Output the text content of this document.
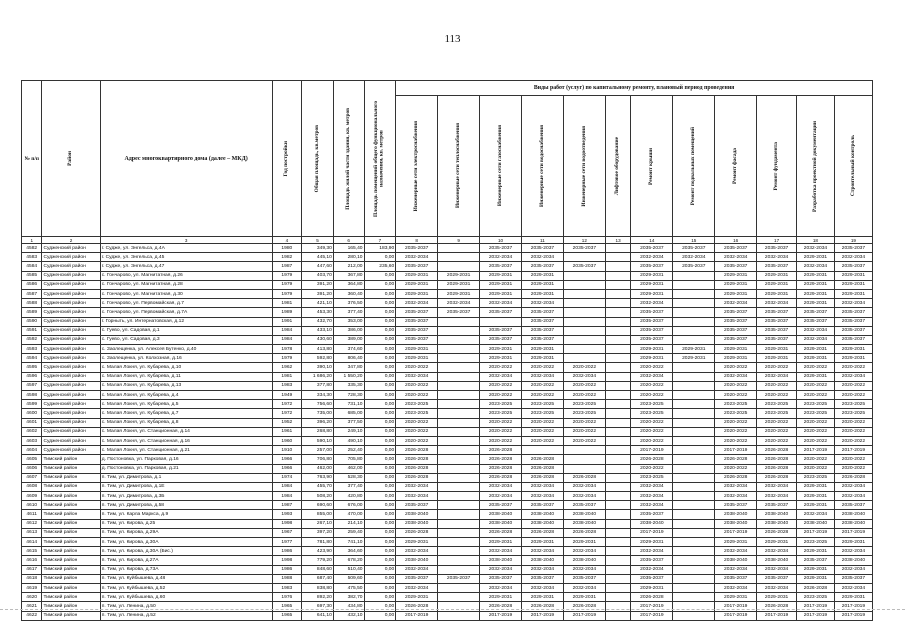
113
№ п/п	Район	Адрес многоквартирного дома (далее – МКД)	Год постройки	Общая площадь, кв.метров	Площадь жилой части здания, кв. метров	Площадь помещений общего функционального назначения, кв. метров	Виды работ (услуг) по капитальному ремонту, плановый период проведения											

							Инженерные сети электроснабжения	Инженерные сети теплоснабжения	Инженерные сети газоснабжения	Инженерные сети водоснабжения	Инженерные сети водоотведения	Лифтовое оборудование	Ремонт крыши	Ремонт подвальных помещений	Ремонт фасада	Ремонт фундамента	Разработка проектной документации	Строительный контроль

1	2	3	4	5	6	7	8	9	10	11	12	13	14	15	16	17	18	19
4582	Судженский район	г. Судже, ул. Энгельса, д.4А	1980	349,30	165,40	183,90	2035-2037		2035-2037	2035-2037	2035-2037		2035-2037	2035-2037	2035-2037	2035-2037	2032-2034	2035-2037
4583	Судженский район	г. Судже, ул. Энгельса, д.45	1982	445,10	280,10	0,00	2032-2034		2032-2034	2032-2034			2032-2034	2032-2034	2032-2034	2032-2034	2029-2031	2032-2034
4584	Судженский район	г. Судже, ул. Энгельса, д.47	1987	447,60	212,00	235,60	2035-2037		2035-2037	2035-2037	2035-2037		2035-2037	2035-2037	2035-2037	2035-2037	2032-2034	2035-2037
4585	Судженский район	с. Гончарово, ул. Магнитатная, д.26	1979	403,70	367,80	0,00	2029-2031	2029-2031	2029-2031	2029-2031			2029-2031		2029-2031	2029-2031	2029-2031	2029-2031
4586	Судженский район	с. Гончарово, ул. Магнитатная, д.28	1979	391,20	364,80	0,00	2029-2031	2029-2031	2029-2031	2029-2031			2029-2031		2029-2031	2029-2031	2029-2031	2029-2031
4587	Судженский район	с. Гончарово, ул. Магнитатная, д.30	1979	391,20	360,40	0,00	2029-2031	2029-2031	2029-2031	2029-2031			2029-2031		2029-2031	2029-2031	2029-2031	2029-2031
4588	Судженский район	с. Гончарово, ул. Первомайская, д.7	1981	421,10	376,50	0,00	2032-2034	2032-2034	2032-2034	2032-2034			2032-2034		2032-2034	2032-2034	2029-2031	2032-2034
4589	Судженский район	с. Гончарово, ул. Первомайская, д.7А	1989	453,30	377,40	0,00	2035-2037	2035-2037	2035-2037	2035-2037			2035-2037		2035-2037	2035-2037	2035-2037	2035-2037
4590	Судженский район	г. Горныть, ул. Интернатовская, д.12	1991	432,70	353,00	0,00	2035-2037			2035-2037			2035-2037		2035-2037	2035-2037	2035-2037	2035-2037
4591	Судженский район	с. Гуево, ул. Садовая, д.1	1984	433,10	386,00	0,00	2035-2037		2035-2037	2035-2037			2035-2037		2035-2037	2035-2037	2032-2034	2035-2037
4592	Судженский район	с. Гуево, ул. Садовая, д.3	1984	430,60	389,00	0,00	2035-2037		2035-2037	2035-2037			2035-2037		2035-2037	2035-2037	2032-2034	2035-2037
4593	Судженский район	с. Заолещенка, ул. Алексея Бутенко, д.40	1978	413,80	374,60	0,00	2029-2031		2029-2031	2029-2031			2029-2031	2029-2031	2029-2031	2029-2031	2029-2031	2029-2031
4594	Судженский район	с. Заолещенка, ул. Колхозная, д.16	1979	592,80	806,40	0,00	2029-2031		2029-2031	2029-2031			2029-2031	2029-2031	2029-2031	2029-2031	2029-2031	2029-2031
4595	Судженский район	с. Малая Локня, ул. Кубарева, д.10	1962	390,10	347,80	0,00	2020-2022		2020-2022	2020-2022	2020-2022		2020-2022		2020-2022	2020-2022	2020-2022	2020-2022
4596	Судженский район	с. Малая Локня, ул. Кубарева, д.11	1981	1 686,20	1 550,20	0,00	2032-2034		2032-2034	2032-2034	2032-2034		2032-2034		2032-2034	2032-2034	2029-2031	2032-2034
4597	Судженский район	с. Малая Локня, ул. Кубарева, д.13	1983	377,80	335,30	0,00	2020-2022		2020-2022	2020-2022	2020-2022		2020-2022		2020-2022	2020-2022	2020-2022	2020-2022
4598	Судженский район	с. Малая Локня, ул. Кубарева, д.4	1949	334,30	728,30	0,00	2020-2022		2020-2022	2020-2022	2020-2022		2020-2022		2020-2022	2020-2022	2020-2022	2020-2022
4599	Судженский район	с. Малая Локня, ул. Кубарева, д.5	1972	756,60	731,10	0,00	2023-2025		2023-2025	2023-2025	2023-2025		2023-2025		2023-2025	2023-2025	2023-2025	2023-2025
4600	Судженский район	с. Малая Локня, ул. Кубарева, д.7	1972	735,00	685,00	0,00	2023-2025		2023-2025	2023-2025	2023-2025		2023-2025		2023-2025	2023-2025	2023-2025	2023-2025
4601	Судженский район	с. Малая Локня, ул. Кубарева, д.8	1952	396,20	377,50	0,00	2020-2022		2020-2022	2020-2022	2020-2022		2020-2022		2020-2022	2020-2022	2020-2022	2020-2022
4602	Судженский район	с. Малая Локня, ул. Станционная, д.14	1961	268,80	249,10	0,00	2020-2022		2020-2022	2020-2022	2020-2022		2020-2022		2020-2022	2020-2022	2020-2022	2020-2022
4603	Судженский район	с. Малая Локня, ул. Станционная, д.16	1960	590,10	490,10	0,00	2020-2022		2020-2022	2020-2022	2020-2022		2020-2022		2020-2022	2020-2022	2020-2022	2020-2022
4604	Судженский район	с. Малая Локня, ул. Станционная, д.21	1910	257,00	252,40	0,00	2026-2028		2026-2028				2017-2019		2017-2019	2026-2028	2017-2019	2017-2019
4605	Тимский район	д. Постоновка, ул. Парковая, д.16	1966	706,80	705,80	0,00	2026-2028		2026-2028	2026-2028			2026-2028		2026-2028	2026-2028	2020-2022	2020-2022
4606	Тимский район	д. Постоновка, ул. Парковая, д.21	1966	462,00	462,00	0,00	2026-2028		2026-2028	2026-2028			2020-2022		2020-2022	2026-2028	2020-2022	2020-2022
4607	Тимский район	п. Тим, ул. Димитрова, д.1	1974	763,90	528,30	0,00	2026-2028		2026-2028	2026-2028	2026-2028		2023-2025		2026-2028	2026-2028	2023-2025	2026-2028
4608	Тимский район	п. Тим, ул. Димитрова, д.1Е	1984	455,70	377,40	0,00	2032-2034		2032-2034	2032-2034	2032-2034		2032-2034		2032-2034	2032-2034	2029-2031	2032-2034
4609	Тимский район	п. Тим, ул. Димитрова, д.3Б	1984	508,20	420,80	0,00	2032-2034		2032-2034	2032-2034	2032-2034		2032-2034		2032-2034	2032-2034	2029-2031	2032-2034
4610	Тимский район	п. Тим, ул. Димитрова, д.58	1987	690,60	676,00	0,00	2035-2037		2035-2037	2035-2037	2035-2037		2032-2034		2035-2037	2035-2037	2029-2031	2035-2037
4611	Тимский район	п. Тим, ул. Карла Маркса, д.9	1993	855,00	470,00	0,00	2038-2040		2038-2040	2038-2040	2038-2040		2035-2037		2038-2040	2038-2040	2032-2034	2038-2040
4612	Тимский район	п. Тим, ул. Кирова, д.25	1998	267,10	214,10	0,00	2038-2040		2038-2040	2038-2040	2038-2040		2038-2040		2038-2040	2038-2040	2038-2040	2038-2040
4613	Тимский район	п. Тим, ул. Кирова, д.29А	1967	397,20	259,40	0,00	2026-2028		2026-2028	2026-2028	2026-2028		2017-2019		2017-2019	2026-2028	2017-2019	2017-2019
4614	Тимский район	п. Тим, ул. Кирова, д.30А	1977	781,80	741,10	0,00	2029-2031		2029-2031	2029-2031	2029-2031		2029-2031		2029-2031	2029-2031	2023-2025	2029-2031
4615	Тимский район	п. Тим, ул. Кирова, д.30А (Бис.)	1986	423,90	364,60	0,00	2032-2034		2032-2034	2032-2034	2032-2034		2032-2034		2032-2034	2032-2034	2029-2031	2032-2034
4616	Тимский район	п. Тим, ул. Кирова, д.27А	1998	779,20	678,20	0,00	2038-2040		2038-2040	2038-2040	2038-2040		2035-2037		2038-2040	2038-2040	2035-2037	2038-2040
4617	Тимский район	п. Тим, ул. Кирова, д.73А	1986	848,60	510,40	0,00	2032-2034		2032-2034	2032-2034	2032-2034		2032-2034		2032-2034	2032-2034	2029-2031	2032-2034
4618	Тимский район	п. Тим, ул. Куйбышева, д.48	1988	687,40	509,60	0,00	2035-2037	2035-2037	2035-2037	2035-2037	2035-2037		2035-2037		2035-2037	2035-2037	2029-2031	2035-2037
4619	Тимский район	п. Тим, ул. Куйбышева, д.52	1983	838,80	475,50	0,00	2032-2034		2032-2034	2032-2034	2032-2034		2029-2031		2032-2034	2032-2034	2026-2028	2032-2034
4620	Тимский район	п. Тим, ул. Куйбышева, д.60	1976	892,20	382,70	0,00	2029-2031		2029-2031	2029-2031	2029-2031		2026-2028		2029-2031	2029-2031	2023-2025	2029-2031
4621	Тимский район	п. Тим, ул. Ленина, д.50	1965	697,30	434,80	0,00	2026-2028		2026-2028	2026-2028	2026-2028		2017-2019		2017-2019	2026-2028	2017-2019	2017-2019
4622	Тимский район	п. Тим, ул. Ленина, д.52	1965	641,10	432,10	0,00	2017-2019		2017-2019	2017-2019	2017-2019		2017-2019		2017-2019	2017-2019	2017-2019	2017-2019
